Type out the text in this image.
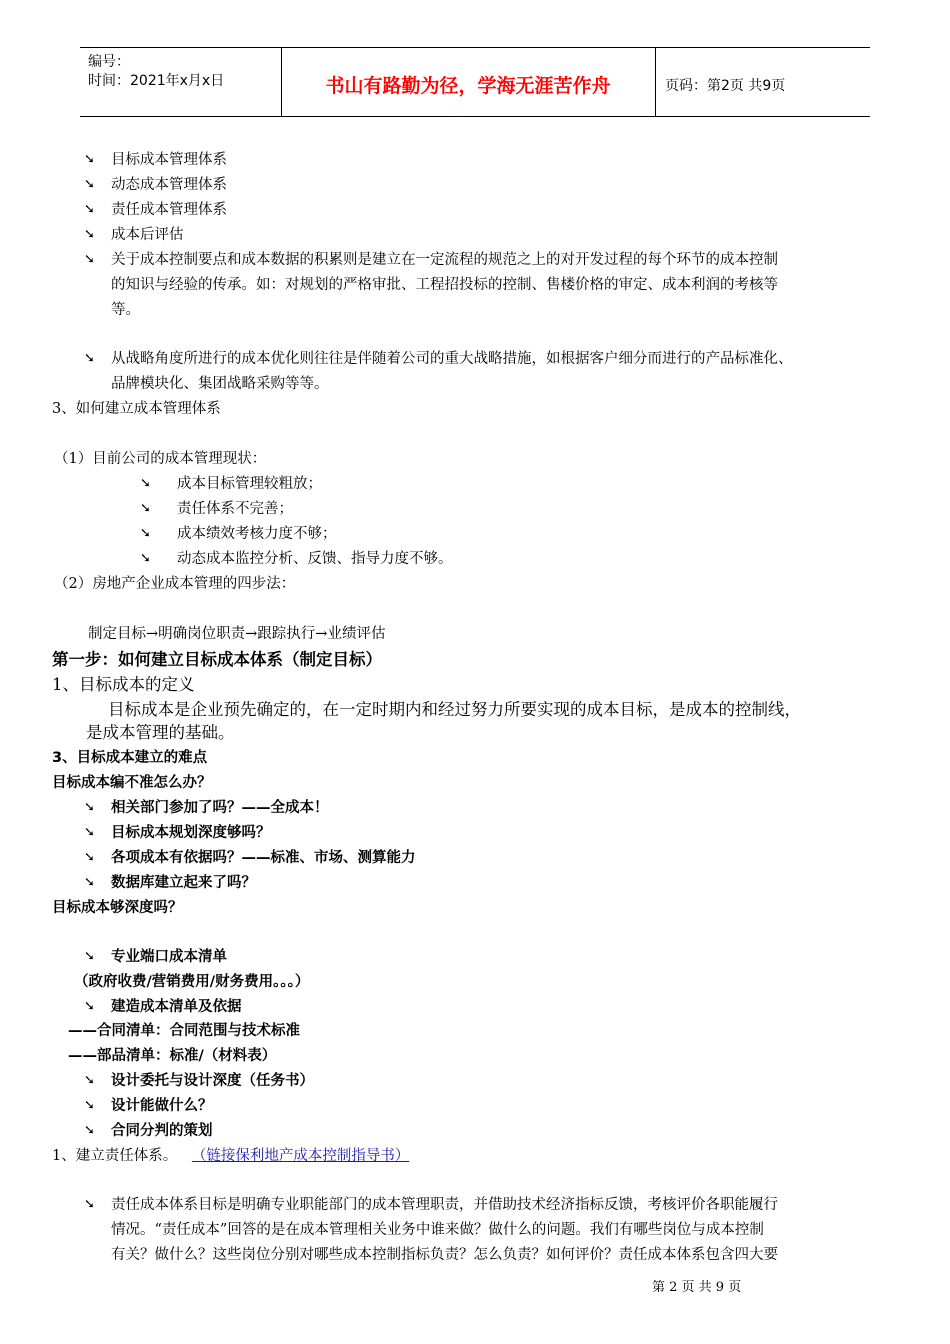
编号：
时间：2021年x月x日	书山有路勤为径，学海无涯苦作舟	页码：第2页 共9页
➘ 目标成本管理体系
➘ 动态成本管理体系
➘ 责任成本管理体系
➘ 成本后评估
➘ 关于成本控制要点和成本数据的积累则是建立在一定流程的规范之上的对开发过程的每个环节的成本控制
的知识与经验的传承。如：对规划的严格审批、工程招投标的控制、售楼价格的审定、成本利润的考核等
等。
➘ 从战略角度所进行的成本优化则往往是伴随着公司的重大战略措施，如根据客户细分而进行的产品标准化、
品牌模块化、集团战略采购等等。
3、如何建立成本管理体系
（1）目前公司的成本管理现状：
➘ 成本目标管理较粗放；
➘ 责任体系不完善；
➘ 成本绩效考核力度不够；
➘ 动态成本监控分析、反馈、指导力度不够。
（2）房地产企业成本管理的四步法：
制定目标→明确岗位职责→跟踪执行→业绩评估
第一步：如何建立目标成本体系（制定目标）
1、目标成本的定义
目标成本是企业预先确定的，在一定时期内和经过努力所要实现的成本目标，是成本的控制线，
是成本管理的基础。
3、目标成本建立的难点
目标成本编不准怎么办？
➘ 相关部门参加了吗？——全成本！
➘ 目标成本规划深度够吗？
➘ 各项成本有依据吗？——标准、市场、测算能力
➘ 数据库建立起来了吗？
目标成本够深度吗？
➘ 专业端口成本清单
（政府收费/营销费用/财务费用。。。）
➘ 建造成本清单及依据
——合同清单：合同范围与技术标准
——部品清单：标准/（材料表）
➘ 设计委托与设计深度（任务书）
➘ 设计能做什么？
➘ 合同分判的策划
1、建立责任体系。 （链接保利地产成本控制指导书）
➘ 责任成本体系目标是明确专业职能部门的成本管理职责，并借助技术经济指标反馈，考核评价各职能履行
情况。“责任成本”回答的是在成本管理相关业务中谁来做？做什么的问题。我们有哪些岗位与成本控制
有关？做什么？这些岗位分别对哪些成本控制指标负责？怎么负责？如何评价？责任成本体系包含四大要
第 2 页 共 9 页
